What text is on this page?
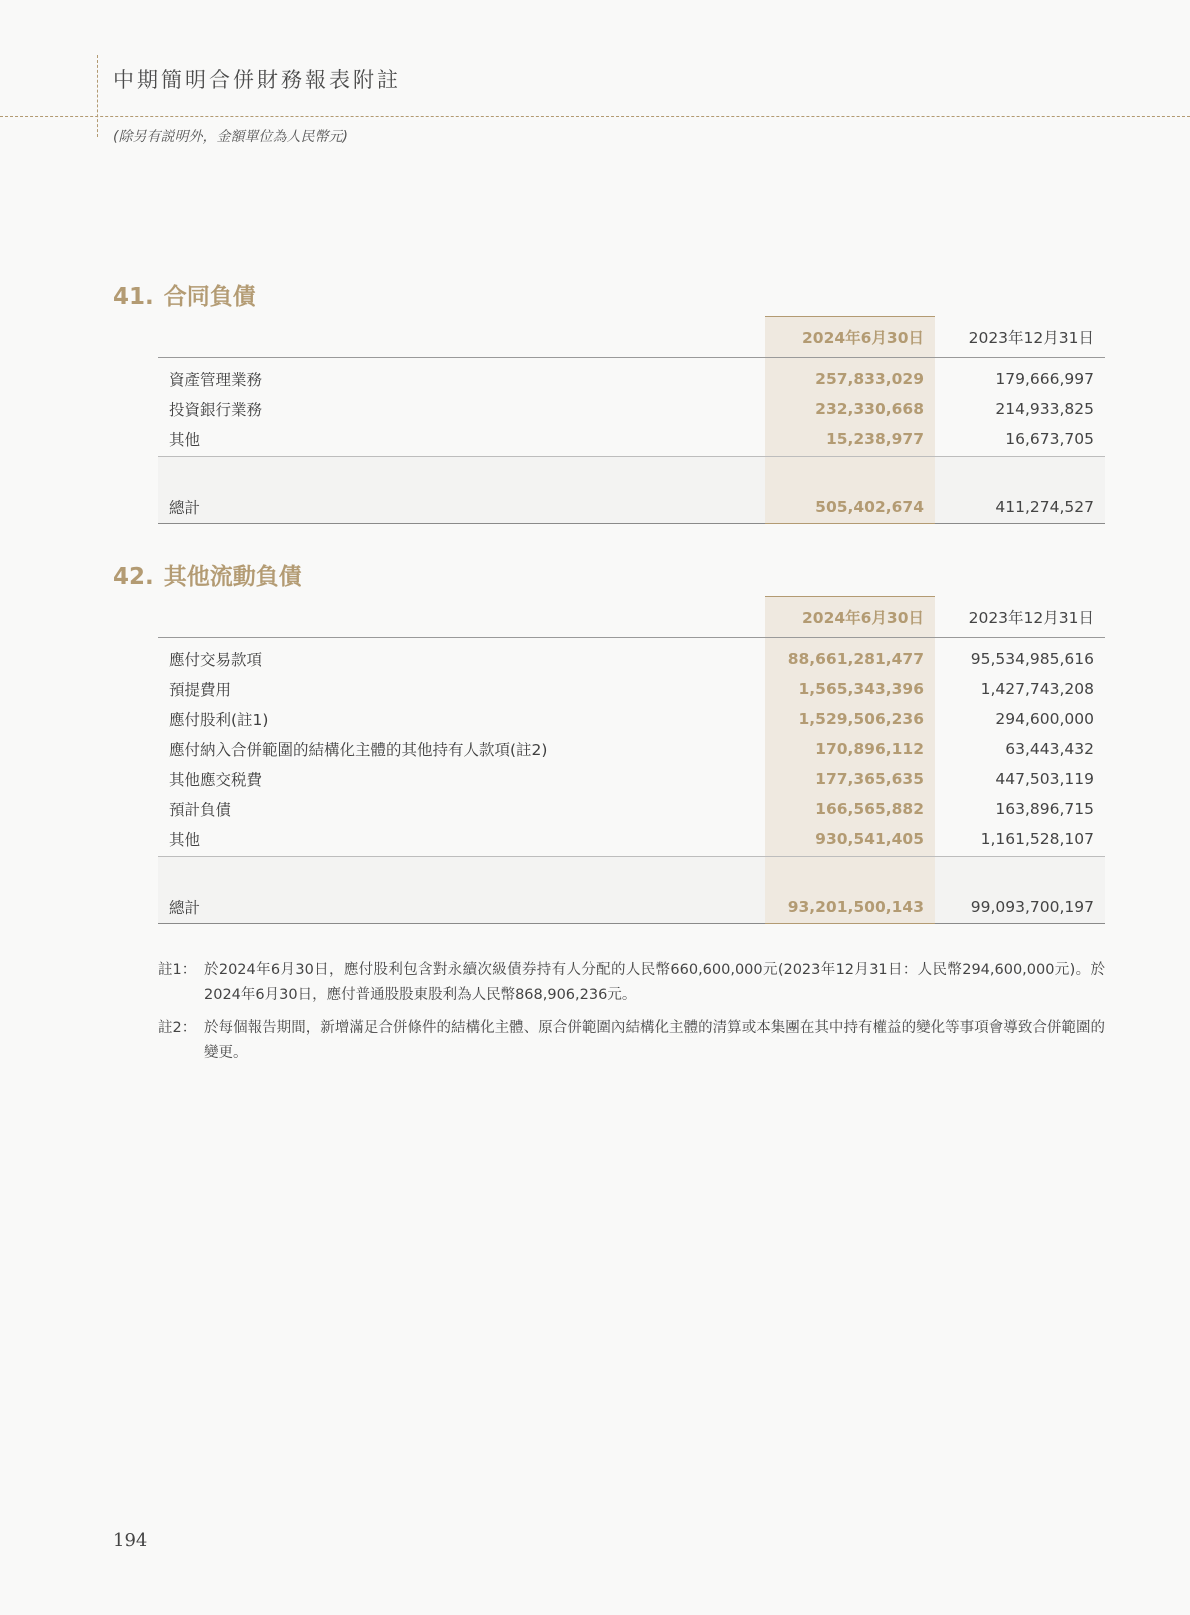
中期簡明合併財務報表附註
(除另有説明外，金額單位為人民幣元)
41. 合同負債
	2024年6月30日	2023年12月31日
資產管理業務	257,833,029	179,666,997
投資銀行業務	232,330,668	214,933,825
其他	15,238,977	16,673,705

總計	505,402,674	411,274,527
42. 其他流動負債
	2024年6月30日	2023年12月31日
應付交易款項	88,661,281,477	95,534,985,616
預提費用	1,565,343,396	1,427,743,208
應付股利(註1)	1,529,506,236	294,600,000
應付納入合併範圍的結構化主體的其他持有人款項(註2)	170,896,112	63,443,432
其他應交税費	177,365,635	447,503,119
預計負債	166,565,882	163,896,715
其他	930,541,405	1,161,528,107

總計	93,201,500,143	99,093,700,197
註1： 於2024年6月30日，應付股利包含對永續次級債券持有人分配的人民幣660,600,000元(2023年12月31日：人民幣294,600,000元)。於2024年6月30日，應付普通股股東股利為人民幣868,906,236元。
註2： 於每個報告期間，新增滿足合併條件的結構化主體、原合併範圍內結構化主體的清算或本集團在其中持有權益的變化等事項會導致合併範圍的變更。
194
